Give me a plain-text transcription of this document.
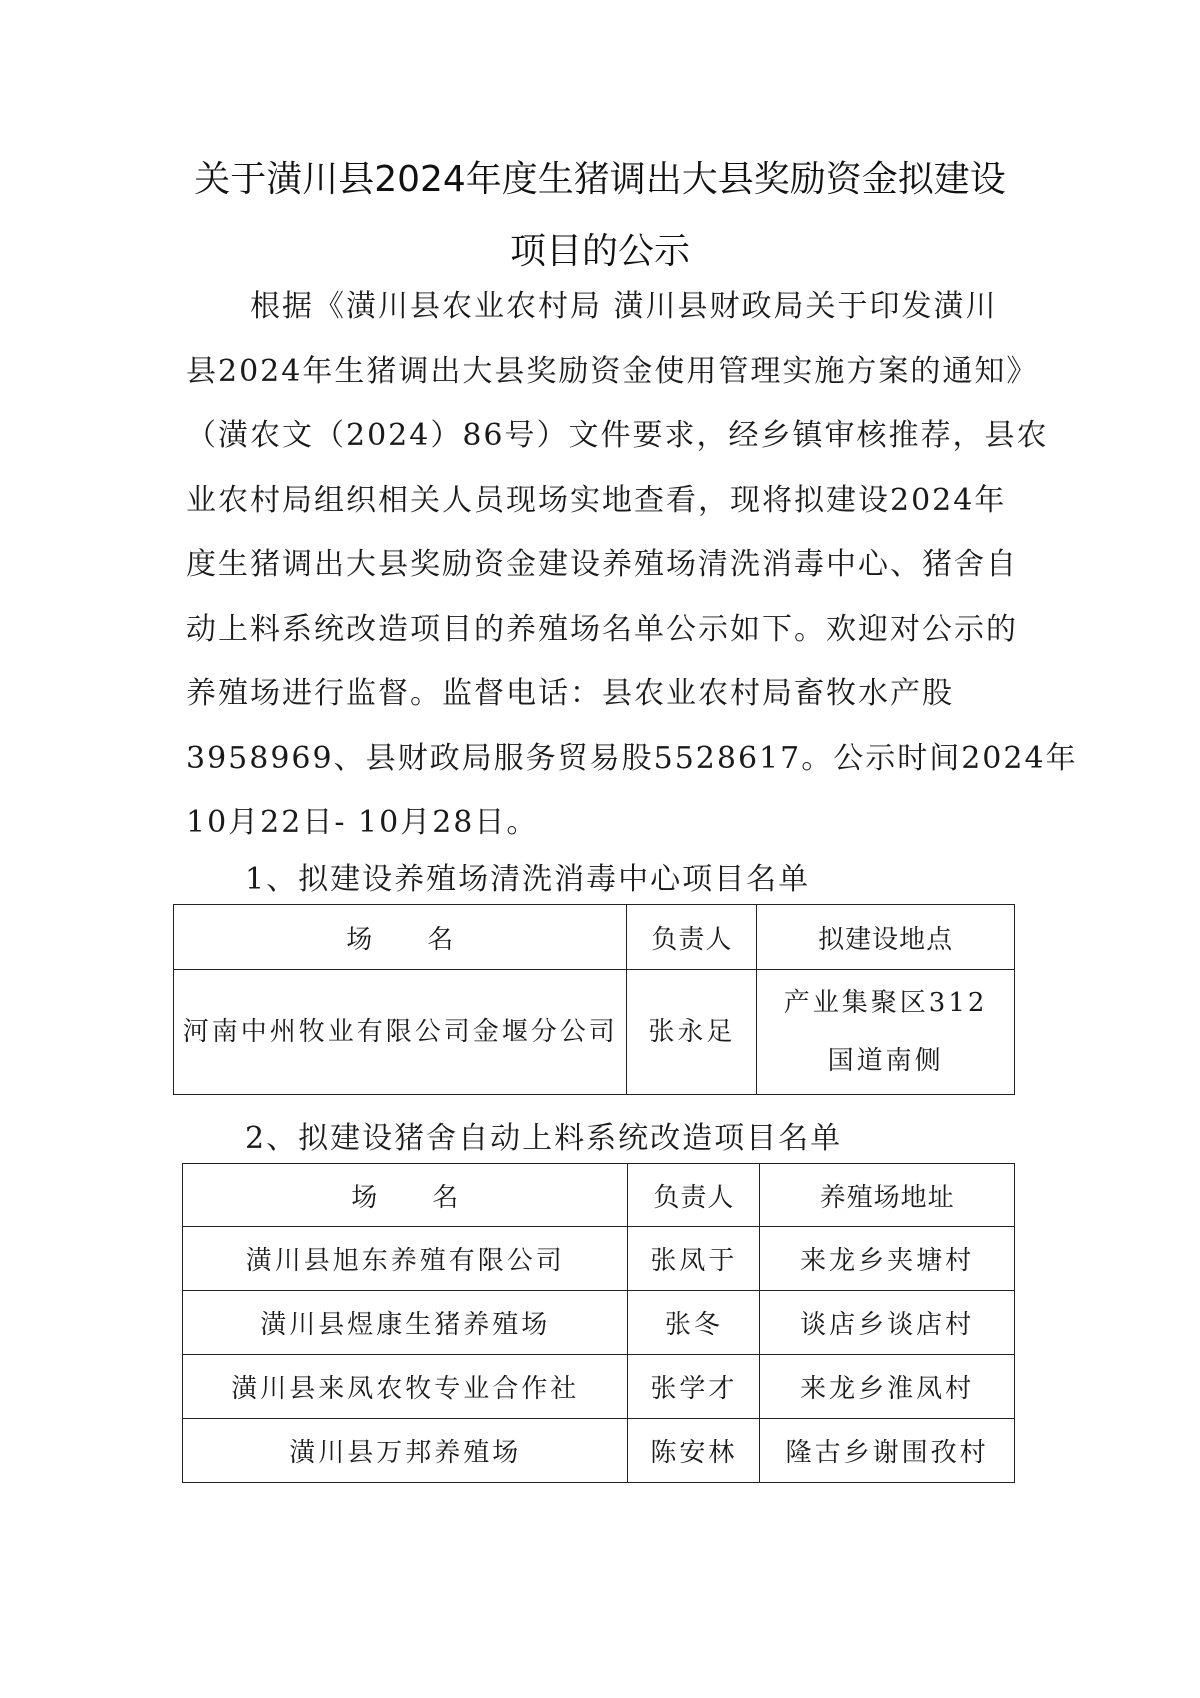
关于潢川县2024年度生猪调出大县奖励资金拟建设
项目的公示
　　根据《潢川县农业农村局 潢川县财政局关于印发潢川
县2024年生猪调出大县奖励资金使用管理实施方案的通知》
（潢农文（2024）86号）文件要求，经乡镇审核推荐，县农
业农村局组织相关人员现场实地查看，现将拟建设2024年
度生猪调出大县奖励资金建设养殖场清洗消毒中心、猪舍自
动上料系统改造项目的养殖场名单公示如下。欢迎对公示的
养殖场进行监督。监督电话：县农业农村局畜牧水产股
3958969、县财政局服务贸易股5528617。公示时间2024年
10月22日- 10月28日。
1、拟建设养殖场清洗消毒中心项目名单
场　　名	负责人	拟建设地点
河南中州牧业有限公司金堰分公司	张永足	产业集聚区312国道南侧
2、拟建设猪舍自动上料系统改造项目名单
场　　名	负责人	养殖场地址
潢川县旭东养殖有限公司	张凤于	来龙乡夹塘村
潢川县煜康生猪养殖场	张冬	谈店乡谈店村
潢川县来凤农牧专业合作社	张学才	来龙乡淮凤村
潢川县万邦养殖场	陈安林	隆古乡谢围孜村
